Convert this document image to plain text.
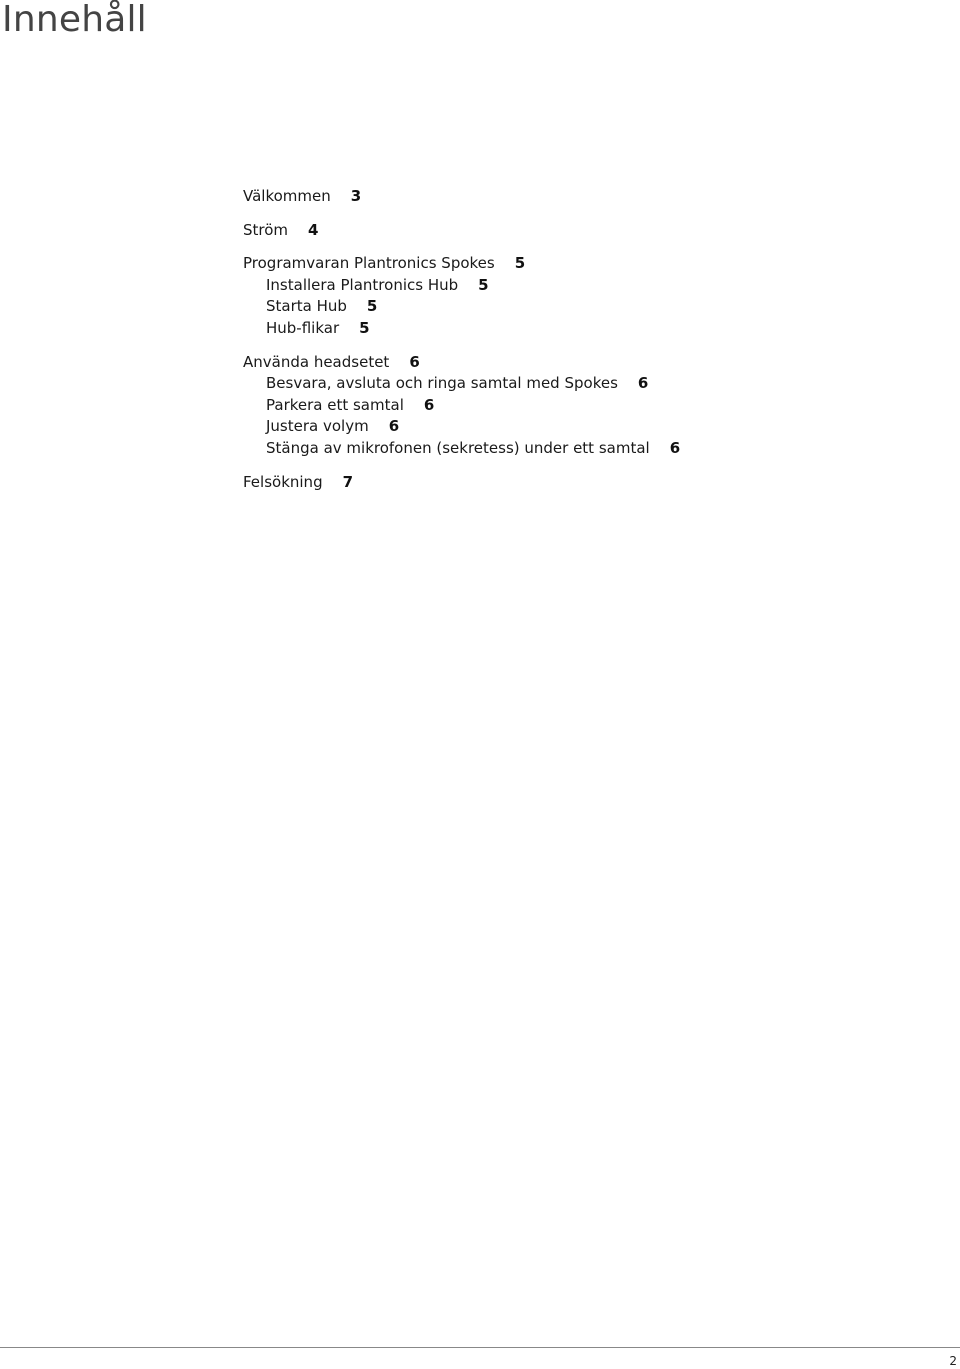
Innehåll
Välkommen 3
Ström 4
Programvaran Plantronics Spokes 5
Installera Plantronics Hub 5
Starta Hub 5
Hub-flikar 5
Använda headsetet 6
Besvara, avsluta och ringa samtal med Spokes 6
Parkera ett samtal 6
Justera volym 6
Stänga av mikrofonen (sekretess) under ett samtal 6
Felsökning 7
2
